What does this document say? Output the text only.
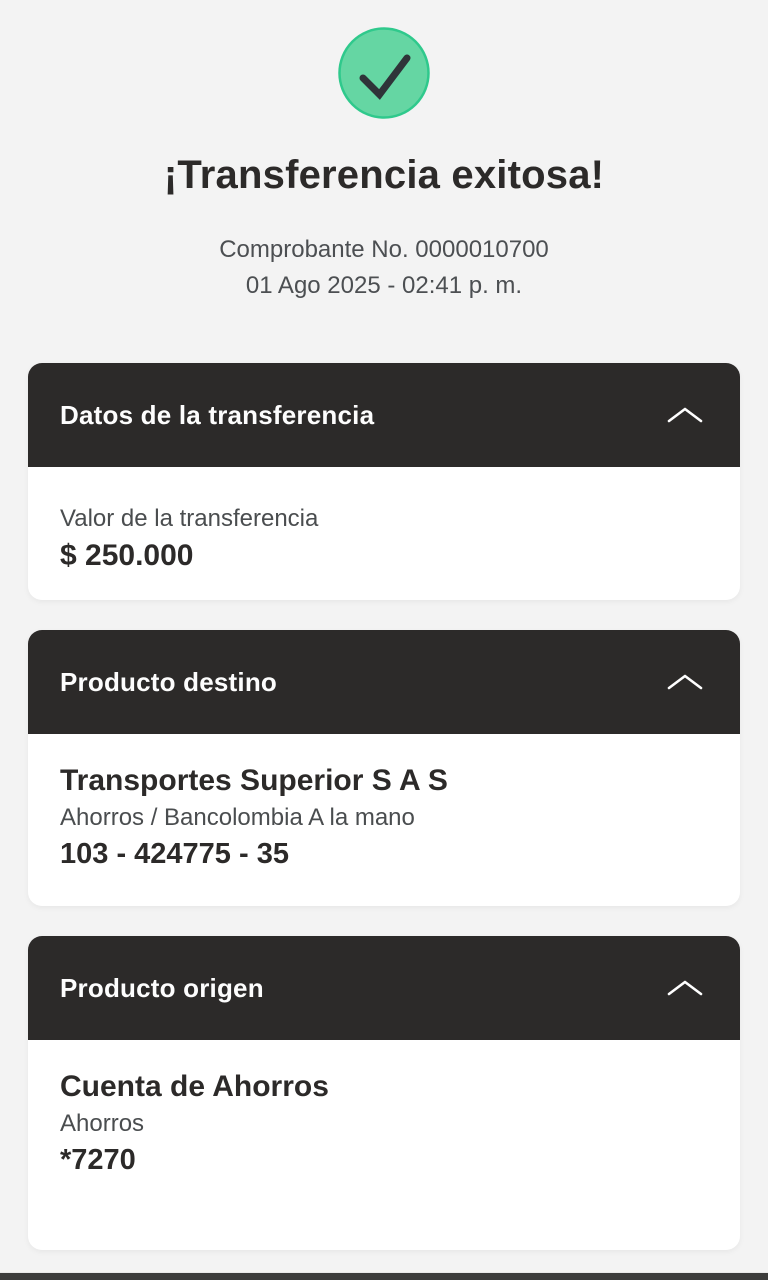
¡Transferencia exitosa!
Comprobante No. 0000010700
01 Ago 2025 - 02:41 p. m.
Datos de la transferencia
Valor de la transferencia
$ 250.000
Producto destino
Transportes Superior S A S
Ahorros / Bancolombia A la mano
103 - 424775 - 35
Producto origen
Cuenta de Ahorros
Ahorros
*7270
